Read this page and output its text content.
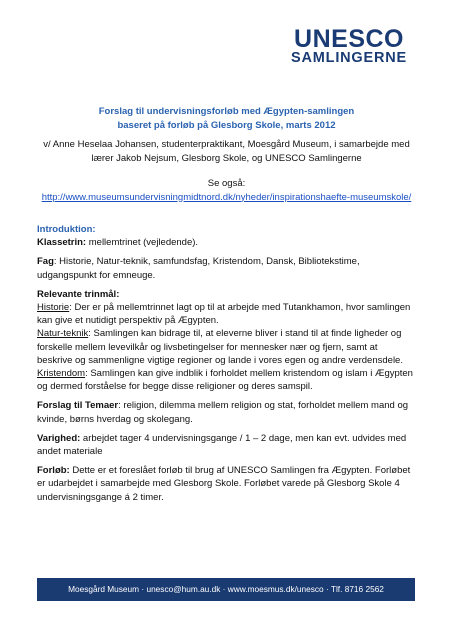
UNESCO
SAMLINGERNE
Forslag til undervisningsforløb med Ægypten-samlingen
baseret på forløb på Glesborg Skole, marts 2012
v/ Anne Heselaa Johansen, studenterpraktikant, Moesgård Museum, i samarbejde med
lærer Jakob Nejsum, Glesborg Skole, og UNESCO Samlingerne
Se også:
http://www.museumsundervisningmidtnord.dk/nyheder/inspirationshaefte-museumskole/

Introduktion:

Klassetrin: mellemtrinet (vejledende).

Fag: Historie, Natur-teknik, samfundsfag, Kristendom, Dansk, Bibliotekstime, udgangspunkt for emneuge.

Relevante trinmål:

Historie: Der er på mellemtrinnet lagt op til at arbejde med Tutankhamon, hvor samlingen kan give et nutidigt perspektiv på Ægypten.

Natur-teknik: Samlingen kan bidrage til, at eleverne bliver i stand til at finde ligheder og forskelle mellem levevilkår og livsbetingelser for mennesker nær og fjern, samt at beskrive og sammenligne vigtige regioner og lande i vores egen og andre verdensdele.

Kristendom: Samlingen kan give indblik i forholdet mellem kristendom og islam i Ægypten og dermed forståelse for begge disse religioner og deres samspil.

Forslag til Temaer: religion, dilemma mellem religion og stat, forholdet mellem mand og kvinde, børns hverdag og skolegang.

Varighed: arbejdet tager 4 undervisningsgange / 1 – 2 dage, men kan evt. udvides med andet materiale

Forløb: Dette er et foreslået forløb til brug af UNESCO Samlingen fra Ægypten. Forløbet er udarbejdet i samarbejde med Glesborg Skole. Forløbet varede på Glesborg Skole 4 undervisningsgange á 2 timer.

Moesgård Museum · unesco@hum.au.dk · www.moesmus.dk/unesco · Tlf. 8716 2562
